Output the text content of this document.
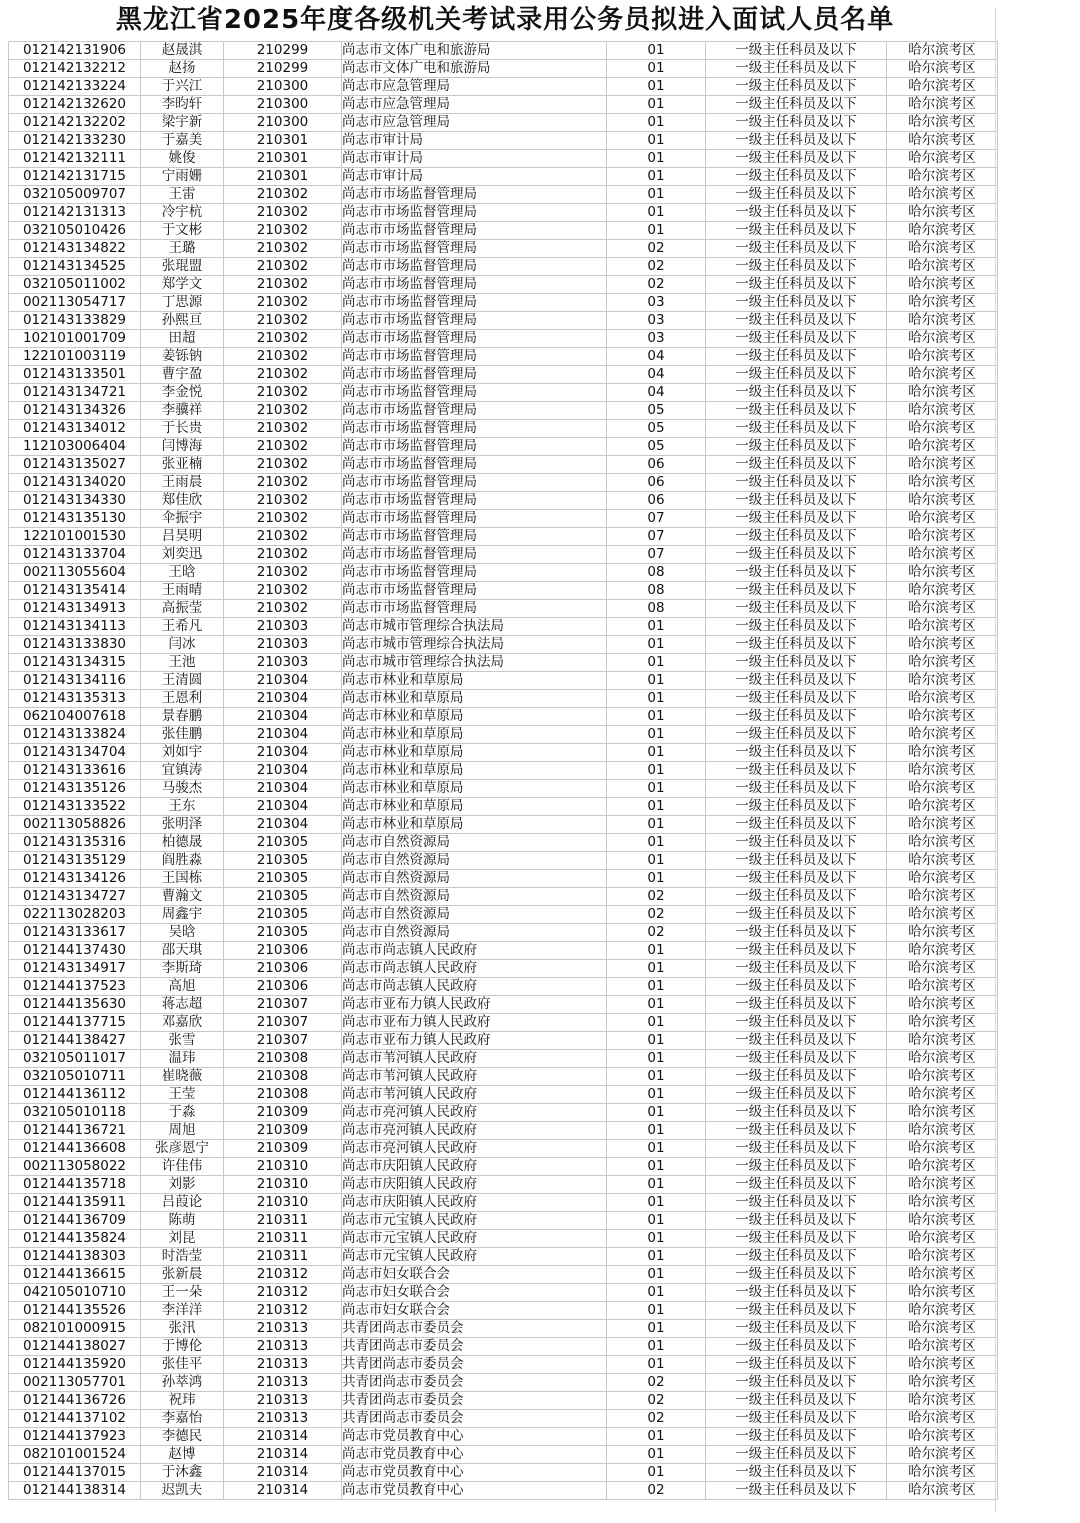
黑龙江省2025年度各级机关考试录用公务员拟进入面试人员名单
012142131906	赵晟淇	210299	尚志市文体广电和旅游局	01	一级主任科员及以下	哈尔滨考区
012142132212	赵扬	210299	尚志市文体广电和旅游局	01	一级主任科员及以下	哈尔滨考区
012142133224	于兴江	210300	尚志市应急管理局	01	一级主任科员及以下	哈尔滨考区
012142132620	李昀轩	210300	尚志市应急管理局	01	一级主任科员及以下	哈尔滨考区
012142132202	梁宇新	210300	尚志市应急管理局	01	一级主任科员及以下	哈尔滨考区
012142133230	于嘉美	210301	尚志市审计局	01	一级主任科员及以下	哈尔滨考区
012142132111	姚俊	210301	尚志市审计局	01	一级主任科员及以下	哈尔滨考区
012142131715	宁雨姗	210301	尚志市审计局	01	一级主任科员及以下	哈尔滨考区
032105009707	王雷	210302	尚志市市场监督管理局	01	一级主任科员及以下	哈尔滨考区
012142131313	冷宇杭	210302	尚志市市场监督管理局	01	一级主任科员及以下	哈尔滨考区
032105010426	于文彬	210302	尚志市市场监督管理局	01	一级主任科员及以下	哈尔滨考区
012143134822	王璐	210302	尚志市市场监督管理局	02	一级主任科员及以下	哈尔滨考区
012143134525	张琨盟	210302	尚志市市场监督管理局	02	一级主任科员及以下	哈尔滨考区
032105011002	郑学文	210302	尚志市市场监督管理局	02	一级主任科员及以下	哈尔滨考区
002113054717	丁思源	210302	尚志市市场监督管理局	03	一级主任科员及以下	哈尔滨考区
012143133829	孙熙亘	210302	尚志市市场监督管理局	03	一级主任科员及以下	哈尔滨考区
102101001709	田超	210302	尚志市市场监督管理局	03	一级主任科员及以下	哈尔滨考区
122101003119	姜铄钠	210302	尚志市市场监督管理局	04	一级主任科员及以下	哈尔滨考区
012143133501	曹宇盈	210302	尚志市市场监督管理局	04	一级主任科员及以下	哈尔滨考区
012143134721	李金悦	210302	尚志市市场监督管理局	04	一级主任科员及以下	哈尔滨考区
012143134326	李骥祥	210302	尚志市市场监督管理局	05	一级主任科员及以下	哈尔滨考区
012143134012	于长贵	210302	尚志市市场监督管理局	05	一级主任科员及以下	哈尔滨考区
112103006404	闫博海	210302	尚志市市场监督管理局	05	一级主任科员及以下	哈尔滨考区
012143135027	张亚楠	210302	尚志市市场监督管理局	06	一级主任科员及以下	哈尔滨考区
012143134020	王雨晨	210302	尚志市市场监督管理局	06	一级主任科员及以下	哈尔滨考区
012143134330	郑佳欣	210302	尚志市市场监督管理局	06	一级主任科员及以下	哈尔滨考区
012143135130	伞振宇	210302	尚志市市场监督管理局	07	一级主任科员及以下	哈尔滨考区
122101001530	吕昊明	210302	尚志市市场监督管理局	07	一级主任科员及以下	哈尔滨考区
012143133704	刘奕迅	210302	尚志市市场监督管理局	07	一级主任科员及以下	哈尔滨考区
002113055604	王晗	210302	尚志市市场监督管理局	08	一级主任科员及以下	哈尔滨考区
012143135414	王雨晴	210302	尚志市市场监督管理局	08	一级主任科员及以下	哈尔滨考区
012143134913	高振莹	210302	尚志市市场监督管理局	08	一级主任科员及以下	哈尔滨考区
012143134113	王希凡	210303	尚志市城市管理综合执法局	01	一级主任科员及以下	哈尔滨考区
012143133830	闫冰	210303	尚志市城市管理综合执法局	01	一级主任科员及以下	哈尔滨考区
012143134315	王池	210303	尚志市城市管理综合执法局	01	一级主任科员及以下	哈尔滨考区
012143134116	王清圆	210304	尚志市林业和草原局	01	一级主任科员及以下	哈尔滨考区
012143135313	王恩利	210304	尚志市林业和草原局	01	一级主任科员及以下	哈尔滨考区
062104007618	景春鹏	210304	尚志市林业和草原局	01	一级主任科员及以下	哈尔滨考区
012143133824	张佳鹏	210304	尚志市林业和草原局	01	一级主任科员及以下	哈尔滨考区
012143134704	刘如宇	210304	尚志市林业和草原局	01	一级主任科员及以下	哈尔滨考区
012143133616	宜镇涛	210304	尚志市林业和草原局	01	一级主任科员及以下	哈尔滨考区
012143135126	马骏杰	210304	尚志市林业和草原局	01	一级主任科员及以下	哈尔滨考区
012143133522	王东	210304	尚志市林业和草原局	01	一级主任科员及以下	哈尔滨考区
002113058826	张明泽	210304	尚志市林业和草原局	01	一级主任科员及以下	哈尔滨考区
012143135316	柏德晟	210305	尚志市自然资源局	01	一级主任科员及以下	哈尔滨考区
012143135129	阎胜淼	210305	尚志市自然资源局	01	一级主任科员及以下	哈尔滨考区
012143134126	王国栋	210305	尚志市自然资源局	01	一级主任科员及以下	哈尔滨考区
012143134727	曹瀚文	210305	尚志市自然资源局	02	一级主任科员及以下	哈尔滨考区
022113028203	周鑫宇	210305	尚志市自然资源局	02	一级主任科员及以下	哈尔滨考区
012143133617	吴晗	210305	尚志市自然资源局	02	一级主任科员及以下	哈尔滨考区
012144137430	邵天琪	210306	尚志市尚志镇人民政府	01	一级主任科员及以下	哈尔滨考区
012143134917	李斯琦	210306	尚志市尚志镇人民政府	01	一级主任科员及以下	哈尔滨考区
012144137523	高旭	210306	尚志市尚志镇人民政府	01	一级主任科员及以下	哈尔滨考区
012144135630	蒋志超	210307	尚志市亚布力镇人民政府	01	一级主任科员及以下	哈尔滨考区
012144137715	邓嘉欣	210307	尚志市亚布力镇人民政府	01	一级主任科员及以下	哈尔滨考区
012144138427	张雪	210307	尚志市亚布力镇人民政府	01	一级主任科员及以下	哈尔滨考区
032105011017	温玮	210308	尚志市苇河镇人民政府	01	一级主任科员及以下	哈尔滨考区
032105010711	崔晓薇	210308	尚志市苇河镇人民政府	01	一级主任科员及以下	哈尔滨考区
012144136112	王莹	210308	尚志市苇河镇人民政府	01	一级主任科员及以下	哈尔滨考区
032105010118	于淼	210309	尚志市亮河镇人民政府	01	一级主任科员及以下	哈尔滨考区
012144136721	周旭	210309	尚志市亮河镇人民政府	01	一级主任科员及以下	哈尔滨考区
012144136608	张彦恩宁	210309	尚志市亮河镇人民政府	01	一级主任科员及以下	哈尔滨考区
002113058022	许佳伟	210310	尚志市庆阳镇人民政府	01	一级主任科员及以下	哈尔滨考区
012144135718	刘影	210310	尚志市庆阳镇人民政府	01	一级主任科员及以下	哈尔滨考区
012144135911	吕葭论	210310	尚志市庆阳镇人民政府	01	一级主任科员及以下	哈尔滨考区
012144136709	陈萌	210311	尚志市元宝镇人民政府	01	一级主任科员及以下	哈尔滨考区
012144135824	刘昆	210311	尚志市元宝镇人民政府	01	一级主任科员及以下	哈尔滨考区
012144138303	时浩莹	210311	尚志市元宝镇人民政府	01	一级主任科员及以下	哈尔滨考区
012144136615	张新晨	210312	尚志市妇女联合会	01	一级主任科员及以下	哈尔滨考区
042105010710	王一朵	210312	尚志市妇女联合会	01	一级主任科员及以下	哈尔滨考区
012144135526	李洋洋	210312	尚志市妇女联合会	01	一级主任科员及以下	哈尔滨考区
082101000915	张汛	210313	共青团尚志市委员会	01	一级主任科员及以下	哈尔滨考区
012144138027	于博伦	210313	共青团尚志市委员会	01	一级主任科员及以下	哈尔滨考区
012144135920	张佳平	210313	共青团尚志市委员会	01	一级主任科员及以下	哈尔滨考区
002113057701	孙萃鸿	210313	共青团尚志市委员会	02	一级主任科员及以下	哈尔滨考区
012144136726	祝玮	210313	共青团尚志市委员会	02	一级主任科员及以下	哈尔滨考区
012144137102	李嘉怡	210313	共青团尚志市委员会	02	一级主任科员及以下	哈尔滨考区
012144137923	李德民	210314	尚志市党员教育中心	01	一级主任科员及以下	哈尔滨考区
082101001524	赵博	210314	尚志市党员教育中心	01	一级主任科员及以下	哈尔滨考区
012144137015	于沐鑫	210314	尚志市党员教育中心	01	一级主任科员及以下	哈尔滨考区
012144138314	迟凯夫	210314	尚志市党员教育中心	02	一级主任科员及以下	哈尔滨考区
